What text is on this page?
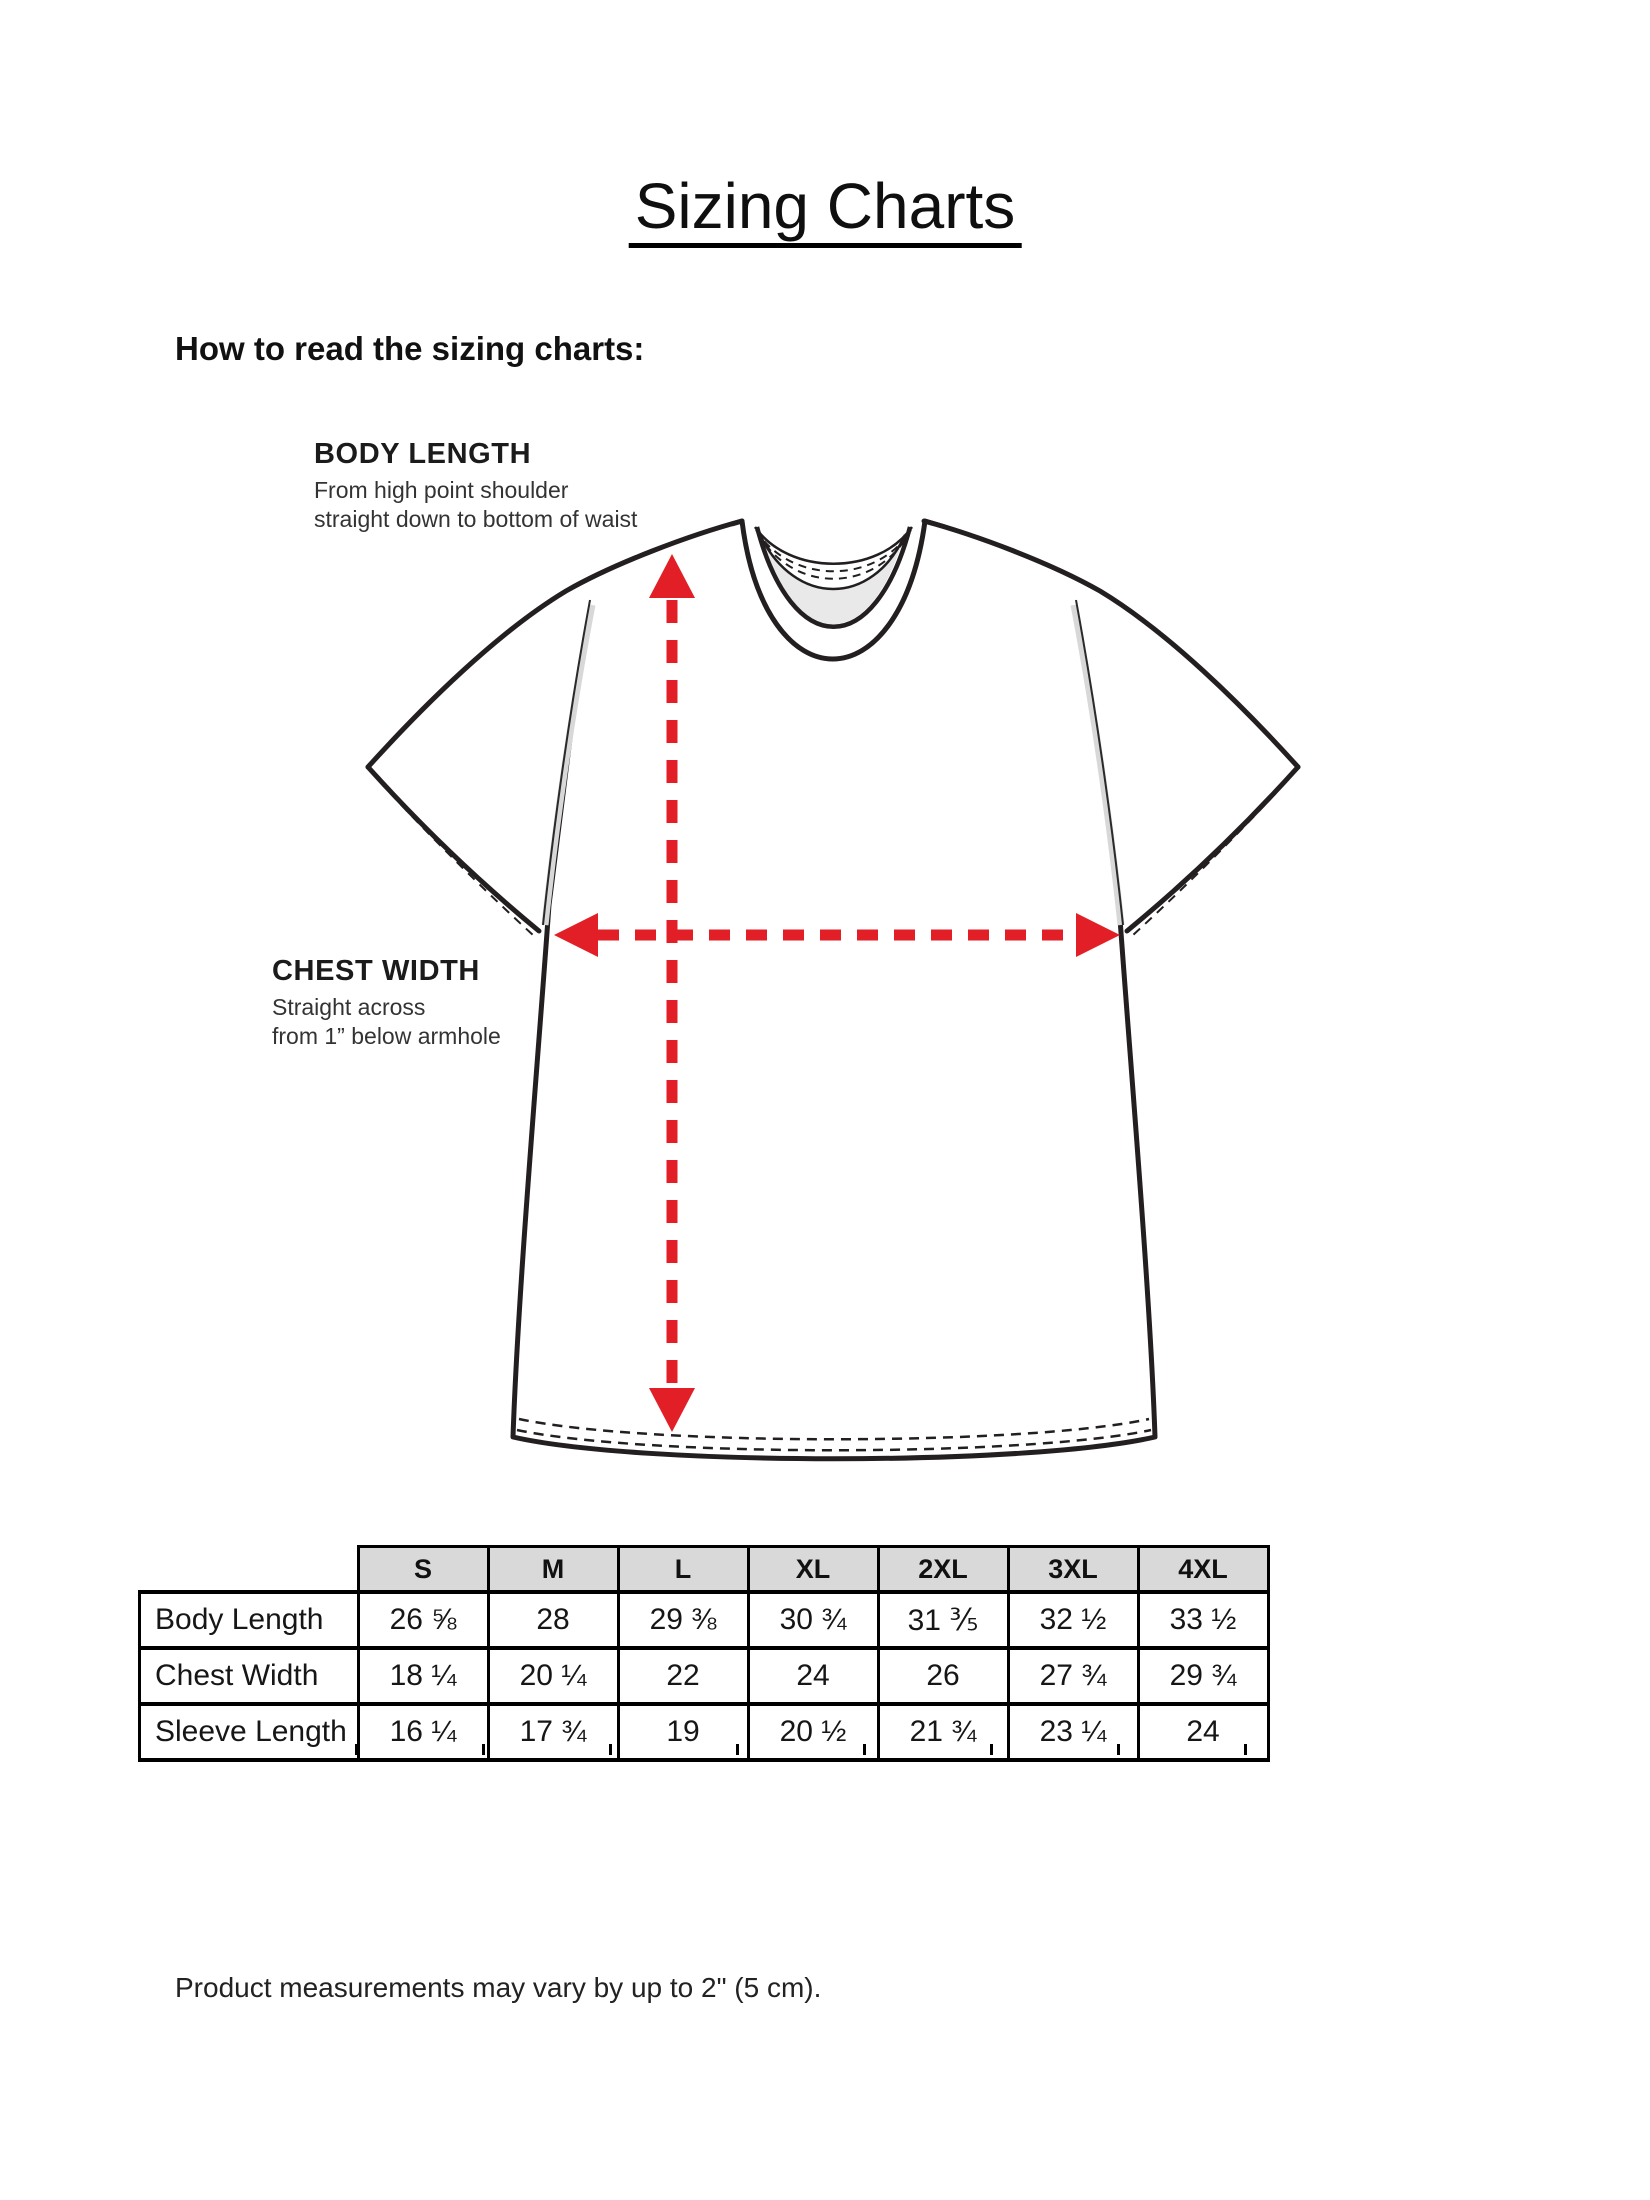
Sizing Charts
How to read the sizing charts:
BODY LENGTH
From high point shoulder
straight down to bottom of waist
CHEST WIDTH
Straight across
from 1” below armhole
	S	M	L	XL	2XL	3XL	4XL
Body Length	26 ⅝	28	29 ⅜	30 ¾	31 ⅗	32 ½	33 ½
Chest Width	18 ¼	20 ¼	22	24	26	27 ¾	29 ¾
Sleeve Length	16 ¼	17 ¾	19	20 ½	21 ¾	23 ¼	24
Product measurements may vary by up to 2" (5 cm).
